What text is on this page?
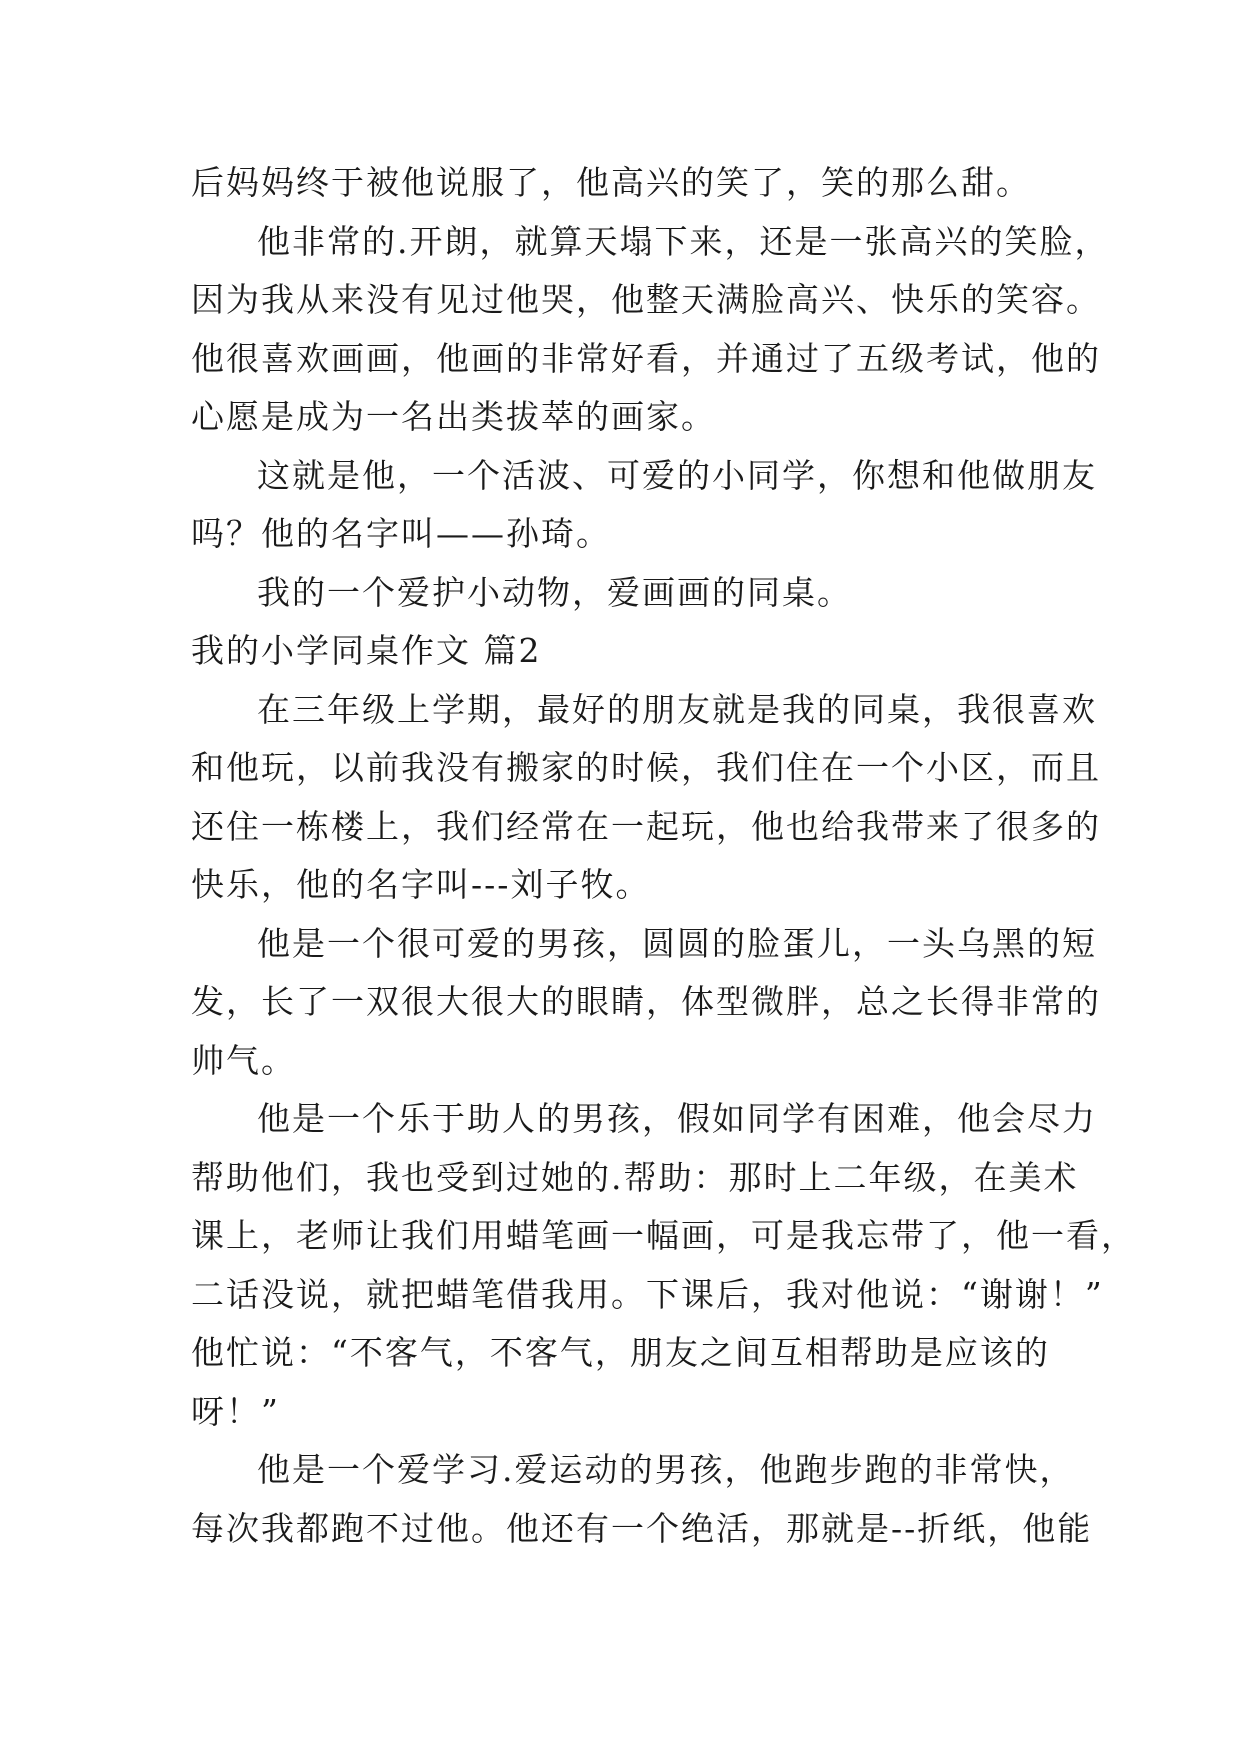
后妈妈终于被他说服了，他高兴的笑了，笑的那么甜。
他非常的.开朗，就算天塌下来，还是一张高兴的笑脸，
因为我从来没有见过他哭，他整天满脸高兴、快乐的笑容。
他很喜欢画画，他画的非常好看，并通过了五级考试，他的
心愿是成为一名出类拔萃的画家。
这就是他，一个活波、可爱的小同学，你想和他做朋友
吗？他的名字叫——孙琦。
我的一个爱护小动物，爱画画的同桌。
我的小学同桌作文 篇2
在三年级上学期，最好的朋友就是我的同桌，我很喜欢
和他玩，以前我没有搬家的时候，我们住在一个小区，而且
还住一栋楼上，我们经常在一起玩，他也给我带来了很多的
快乐，他的名字叫---刘子牧。
他是一个很可爱的男孩，圆圆的脸蛋儿，一头乌黑的短
发，长了一双很大很大的眼睛，体型微胖，总之长得非常的
帅气。
他是一个乐于助人的男孩，假如同学有困难，他会尽力
帮助他们，我也受到过她的.帮助：那时上二年级，在美术
课上，老师让我们用蜡笔画一幅画，可是我忘带了，他一看，
二话没说，就把蜡笔借我用。下课后，我对他说：“谢谢！”
他忙说：“不客气，不客气，朋友之间互相帮助是应该的
呀！”
他是一个爱学习.爱运动的男孩，他跑步跑的非常快，
每次我都跑不过他。他还有一个绝活，那就是--折纸，他能
